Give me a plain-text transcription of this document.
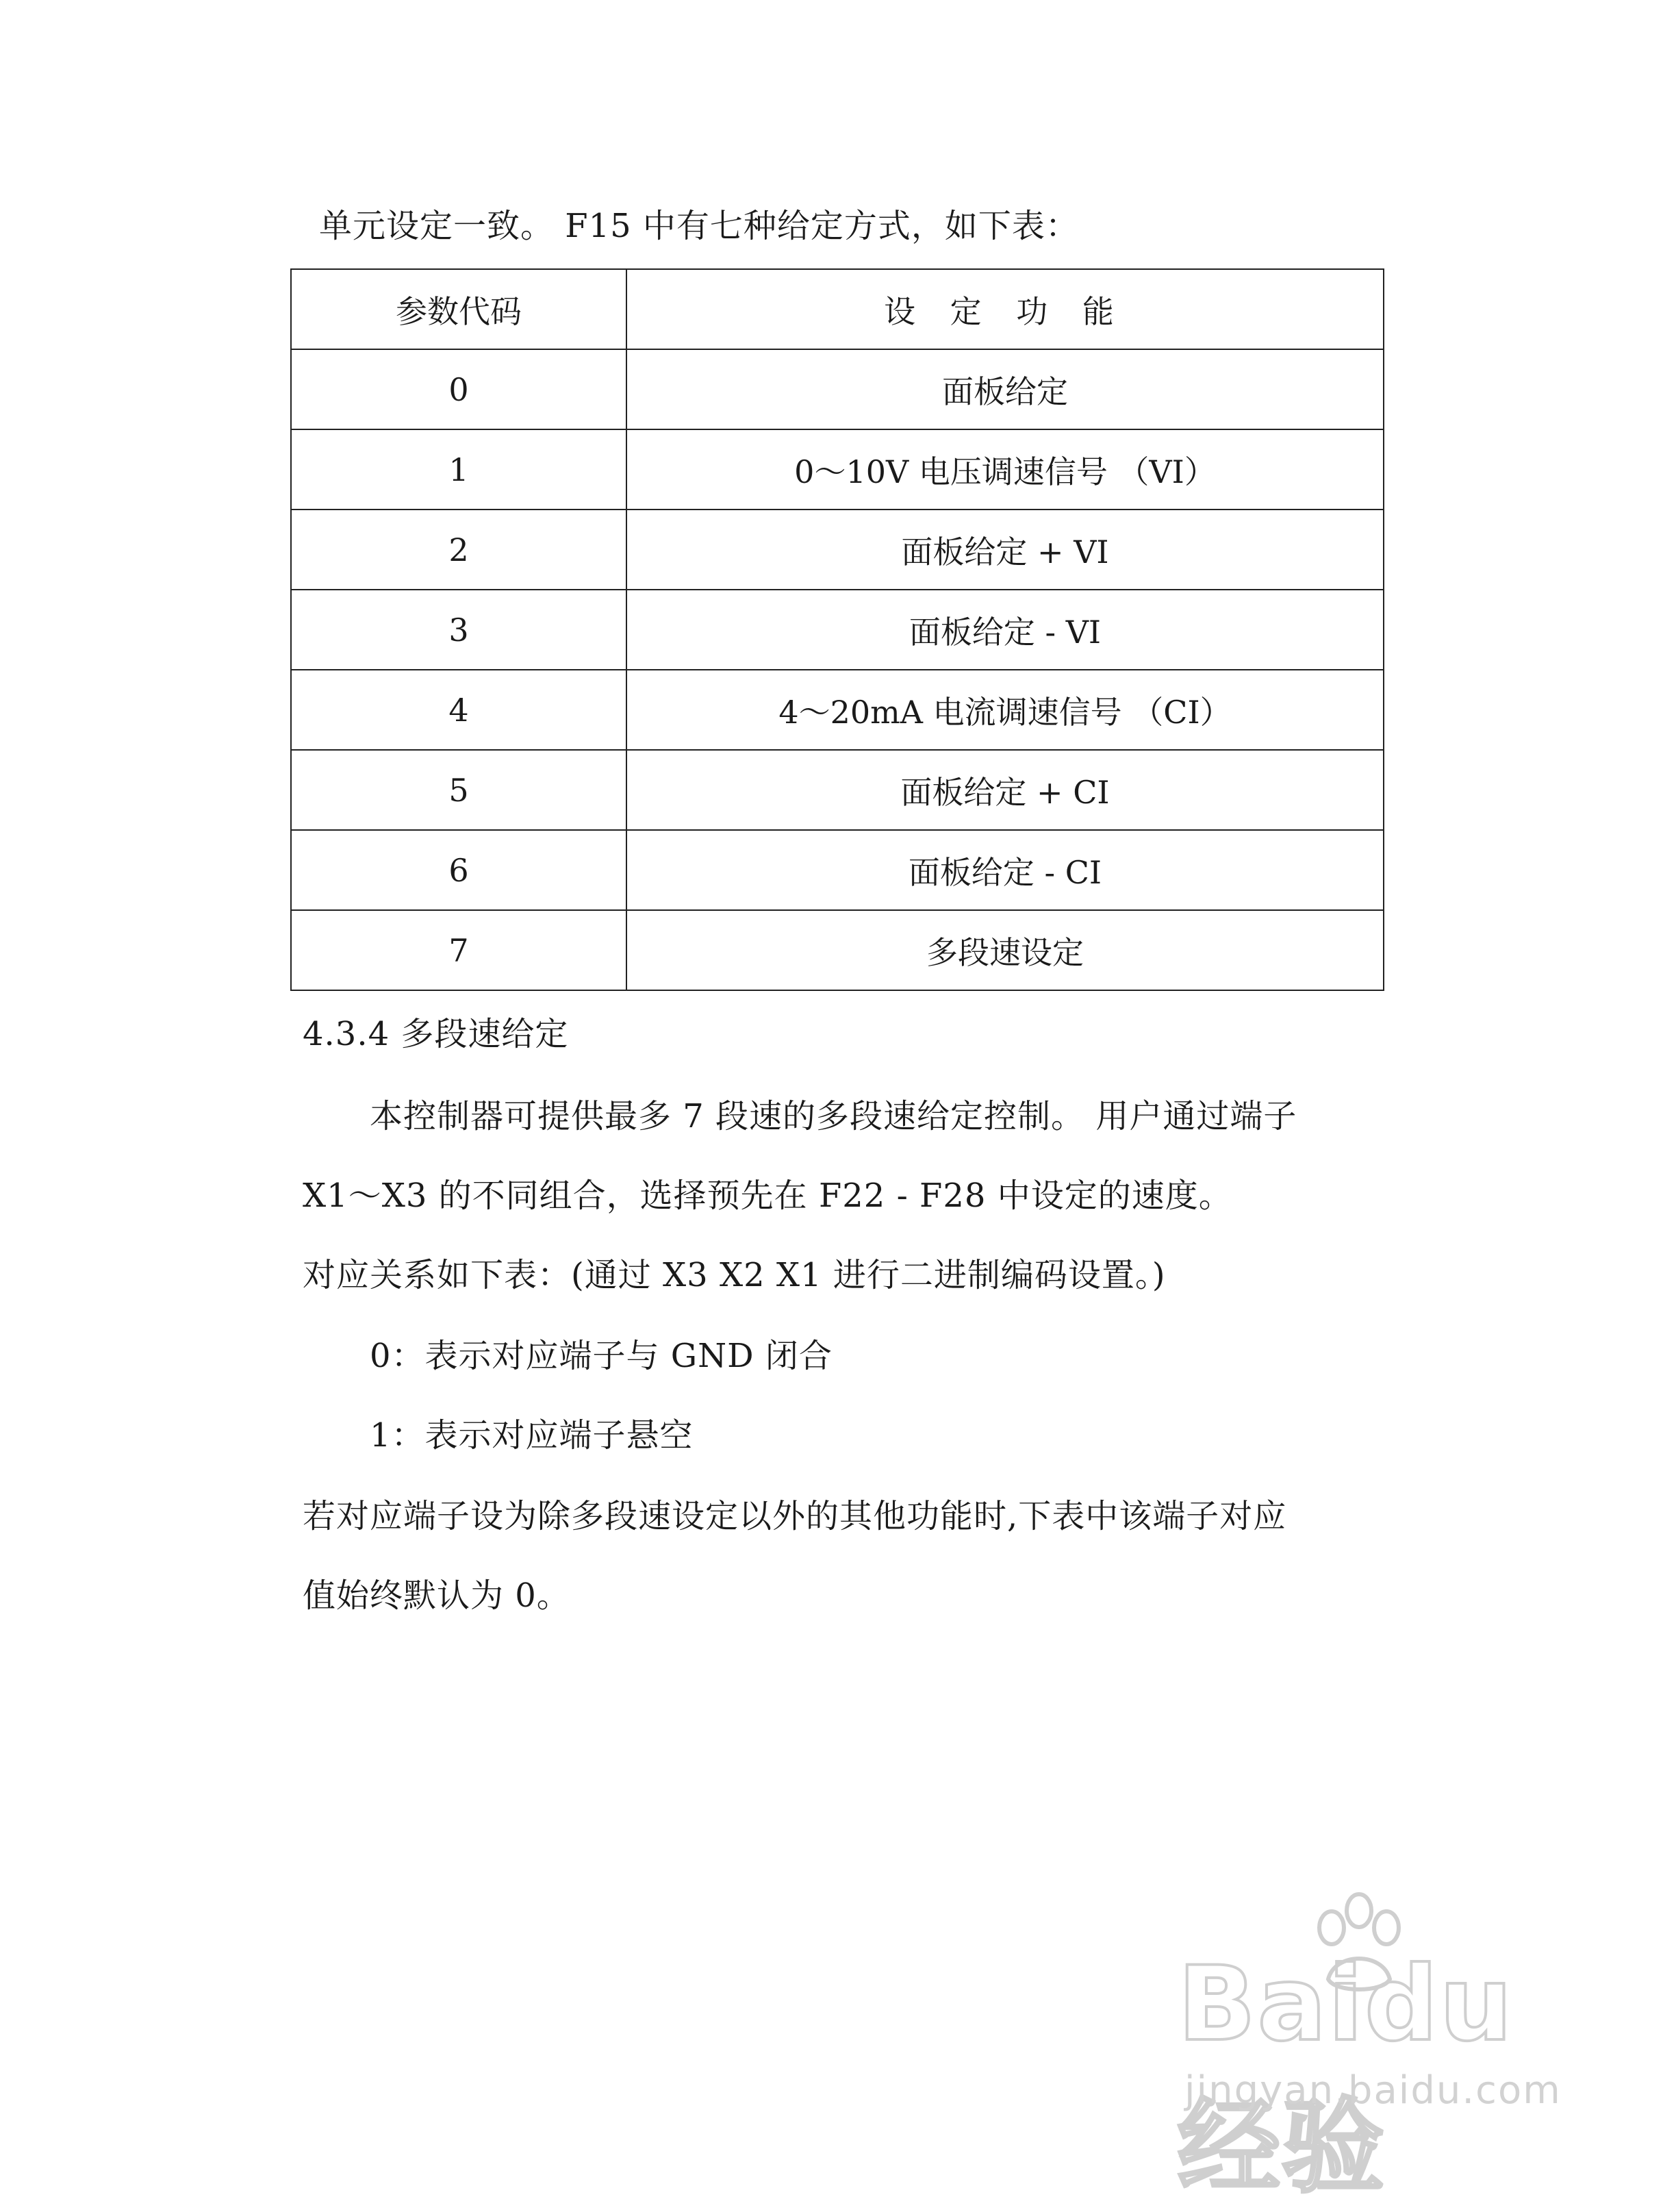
单元设定一致。 F15 中有七种给定方式，如下表：
参数代码	设 定 功 能
0	面板给定
1	0～10V 电压调速信号 （VI）
2	面板给定 + VI
3	面板给定 - VI
4	4～20mA 电流调速信号 （CI）
5	面板给定 + CI
6	面板给定 - CI
7	多段速设定
4.3.4 多段速给定
本控制器可提供最多 7 段速的多段速给定控制。 用户通过端子
X1～X3 的不同组合，选择预先在 F22 - F28 中设定的速度。
对应关系如下表：(通过 X3 X2 X1 进行二进制编码设置。)
0：表示对应端子与 GND 闭合
1：表示对应端子悬空
若对应端子设为除多段速设定以外的其他功能时,下表中该端子对应
值始终默认为 0。
Baidu经验
jingyan.baidu.com
